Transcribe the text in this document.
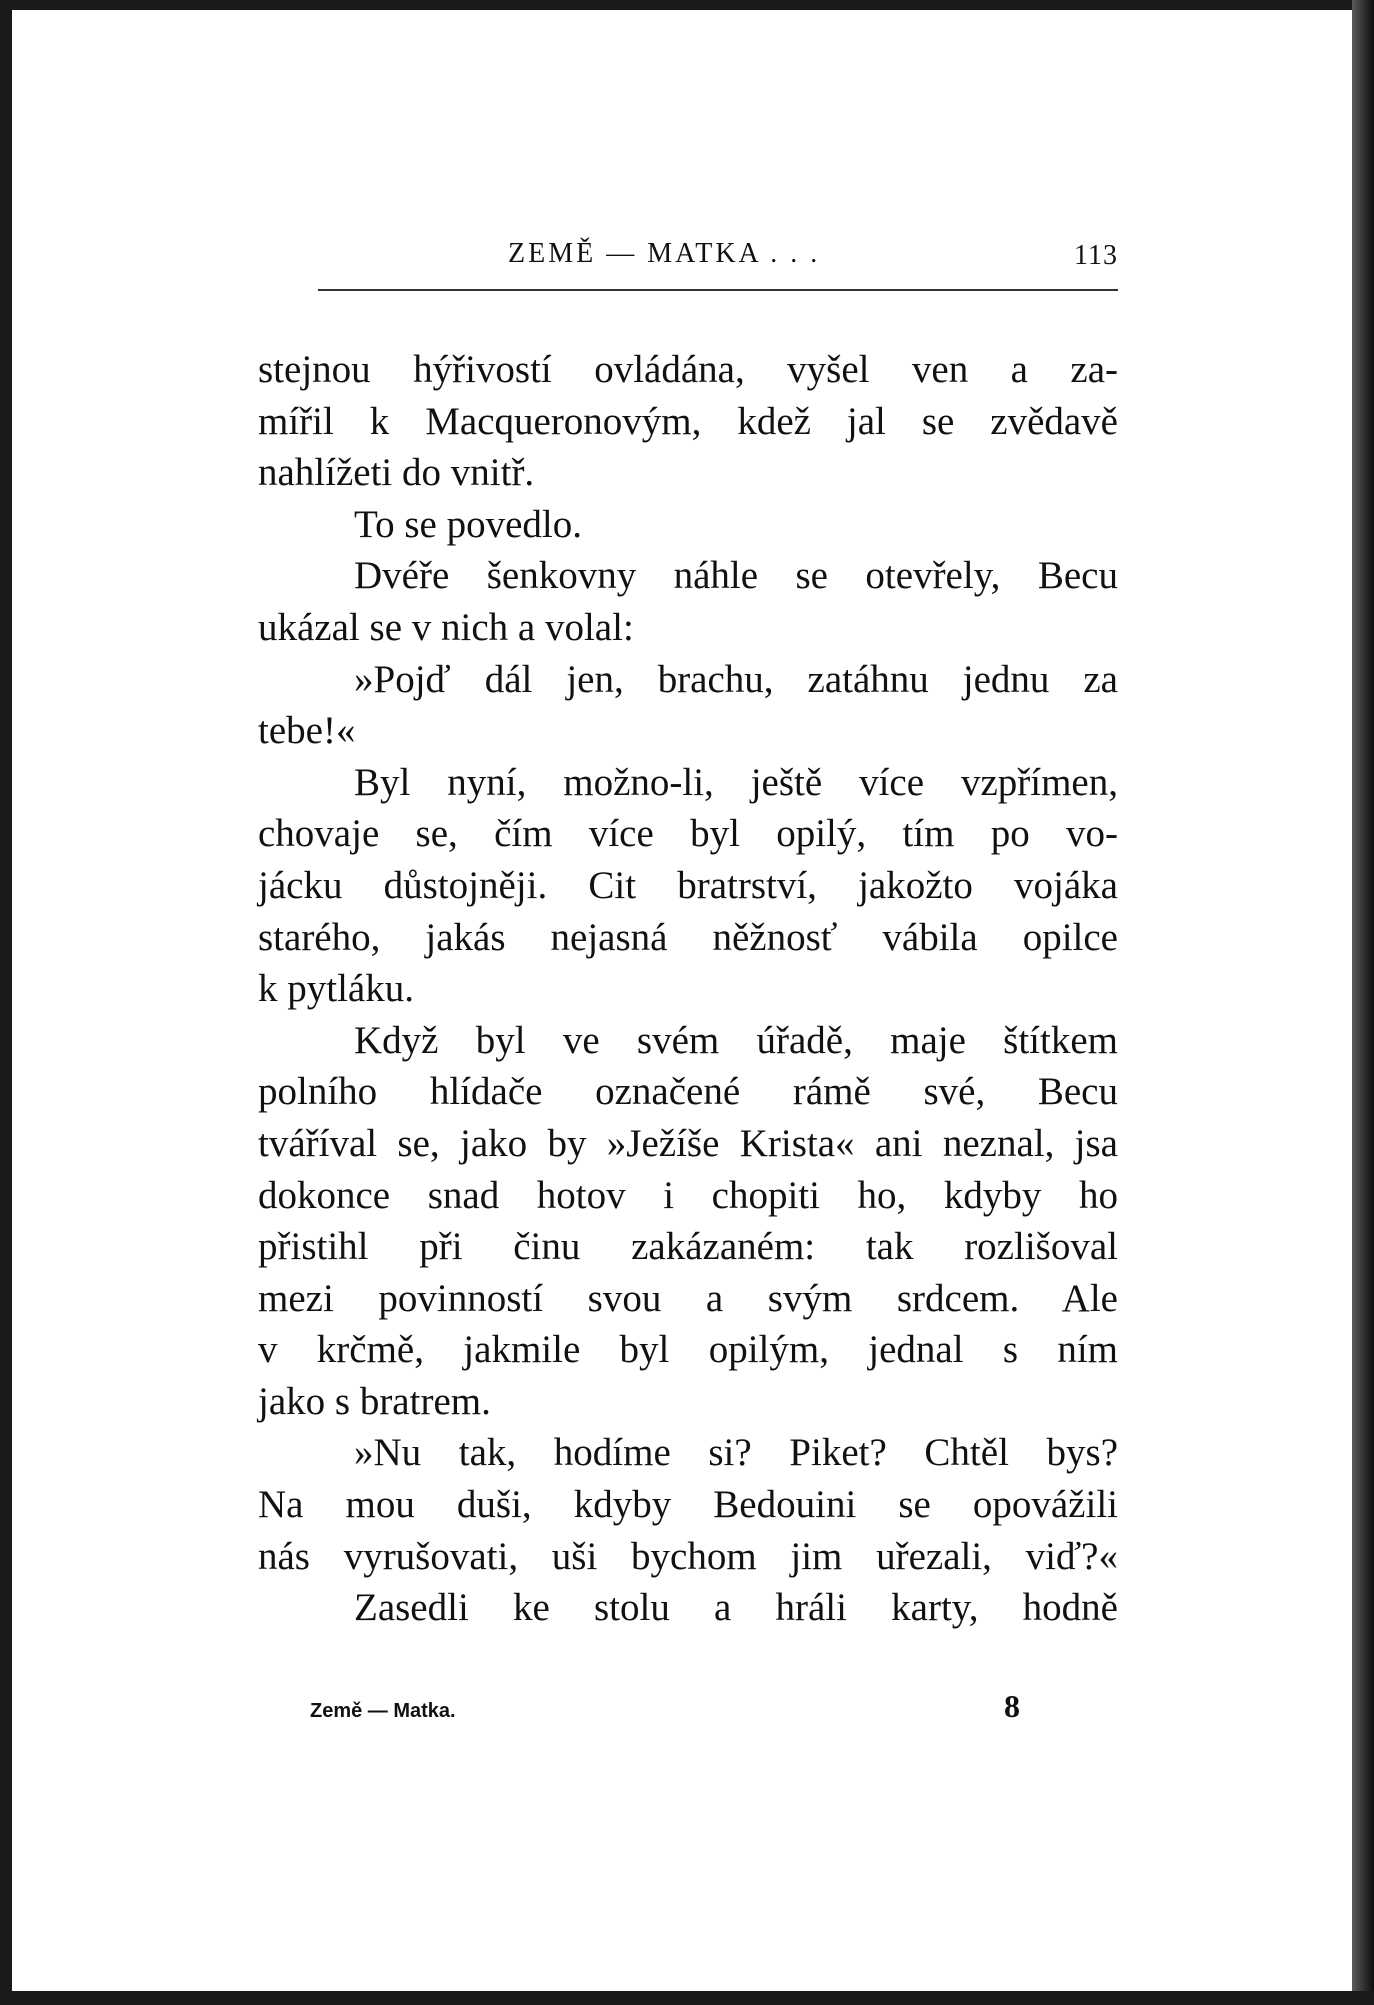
ZEMĚ — MATKA . . .	113
stejnou hýřivostí ovládána, vyšel ven a za-
mířil k Macqueronovým, kdež jal se zvědavě
nahlížeti do vnitř.
To se povedlo.
Dvéře šenkovny náhle se otevřely, Becu
ukázal se v nich a volal:
»Pojď dál jen, brachu, zatáhnu jednu za
tebe!«
Byl nyní, možno-li, ještě více vzpřímen,
chovaje se, čím více byl opilý, tím po vo-
jácku důstojněji. Cit bratrství, jakožto vojáka
starého, jakás nejasná něžnosť vábila opilce
k pytláku.
Když byl ve svém úřadě, maje štítkem
polního hlídače označené rámě své, Becu
tváříval se, jako by »Ježíše Krista« ani neznal, jsa
dokonce snad hotov i chopiti ho, kdyby ho
přistihl při činu zakázaném: tak rozlišoval
mezi povinností svou a svým srdcem. Ale
v krčmě, jakmile byl opilým, jednal s ním
jako s bratrem.
»Nu tak, hodíme si? Piket? Chtěl bys?
Na mou duši, kdyby Bedouini se opovážili
nás vyrušovati, uši bychom jim uřezali, viď?«
Zasedli ke stolu a hráli karty, hodně
Země — Matka.	8
